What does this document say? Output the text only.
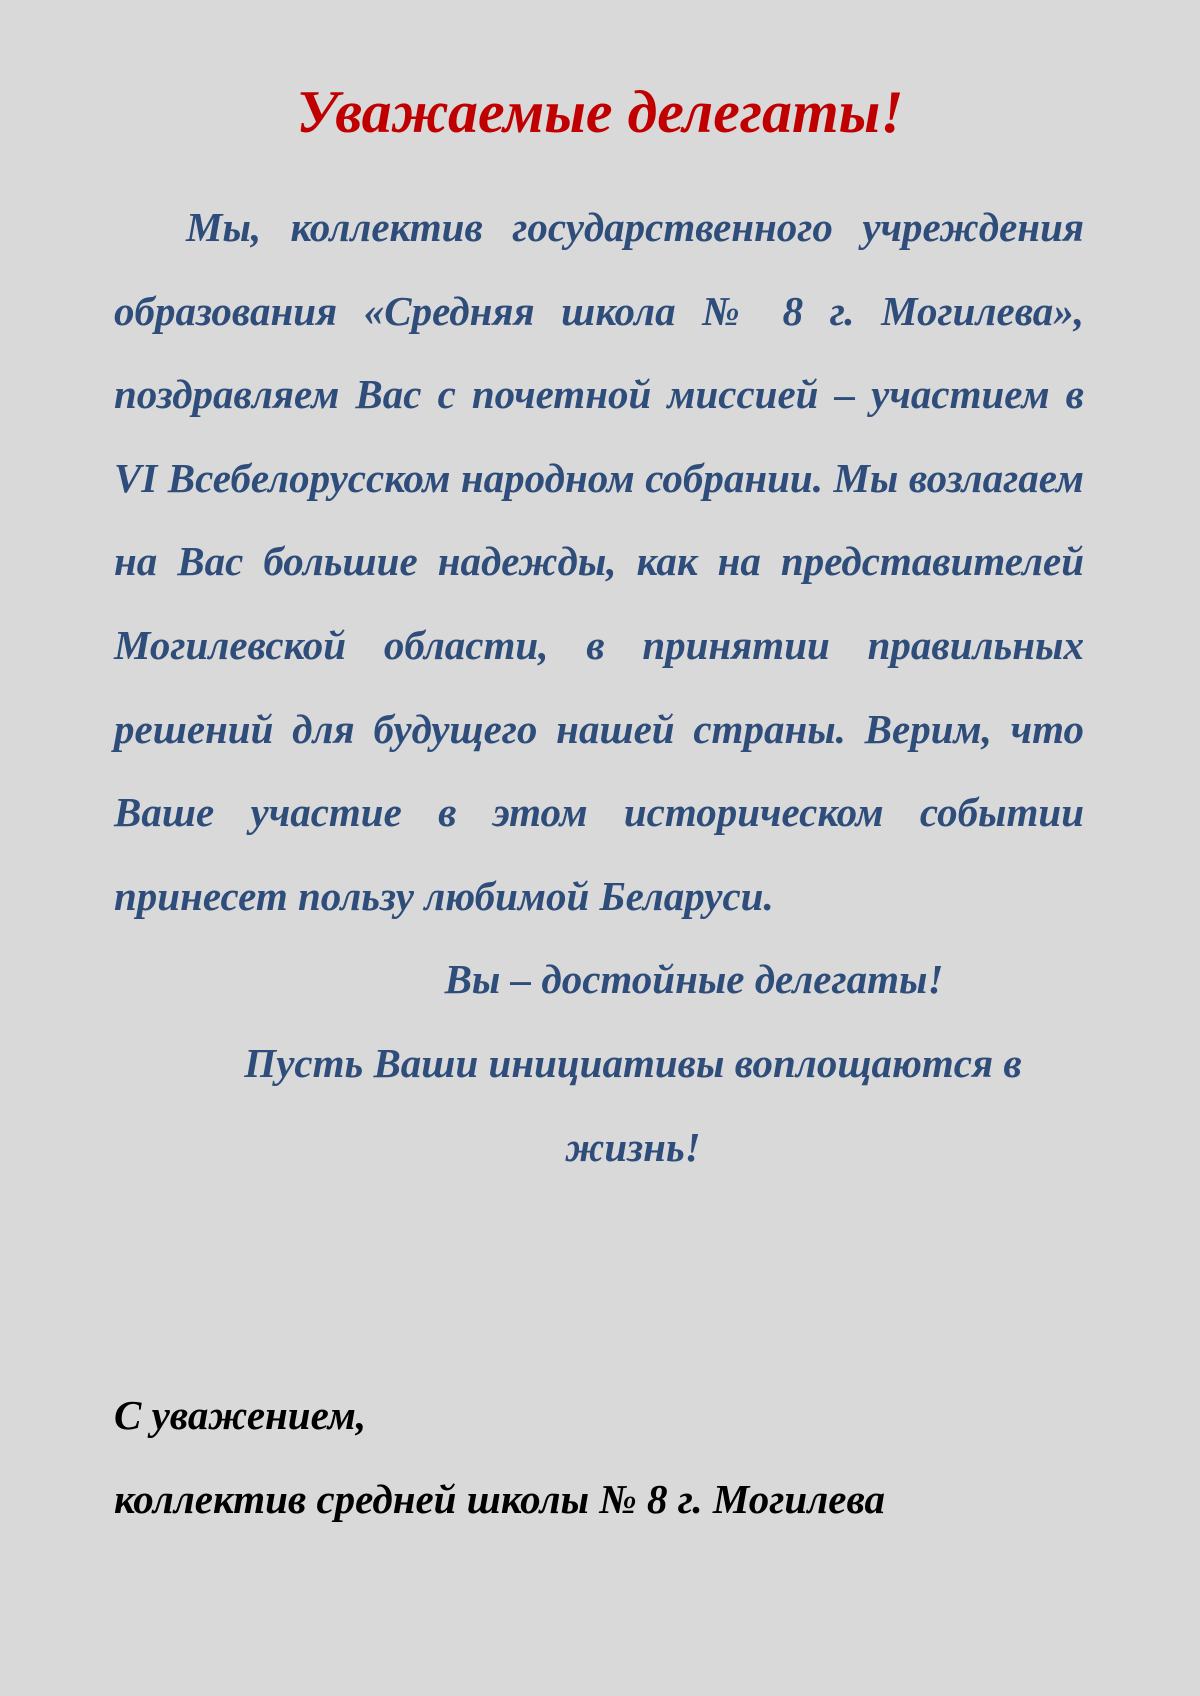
Уважаемые делегаты!

Мы, коллектив государственного учреждения образования «Средняя школа № 8 г. Могилева», поздравляем Вас с почетной миссией – участием в VI Всебелорусском народном собрании. Мы возлагаем на Вас большие надежды, как на представителей Могилевской области, в принятии правильных решений для будущего нашей страны. Верим, что Ваше участие в этом историческом событии принесет пользу любимой Беларуси.

Вы – достойные делегаты!

Пусть Ваши инициативы воплощаются в жизнь!

С уважением,

коллектив средней школы № 8 г. Могилева
